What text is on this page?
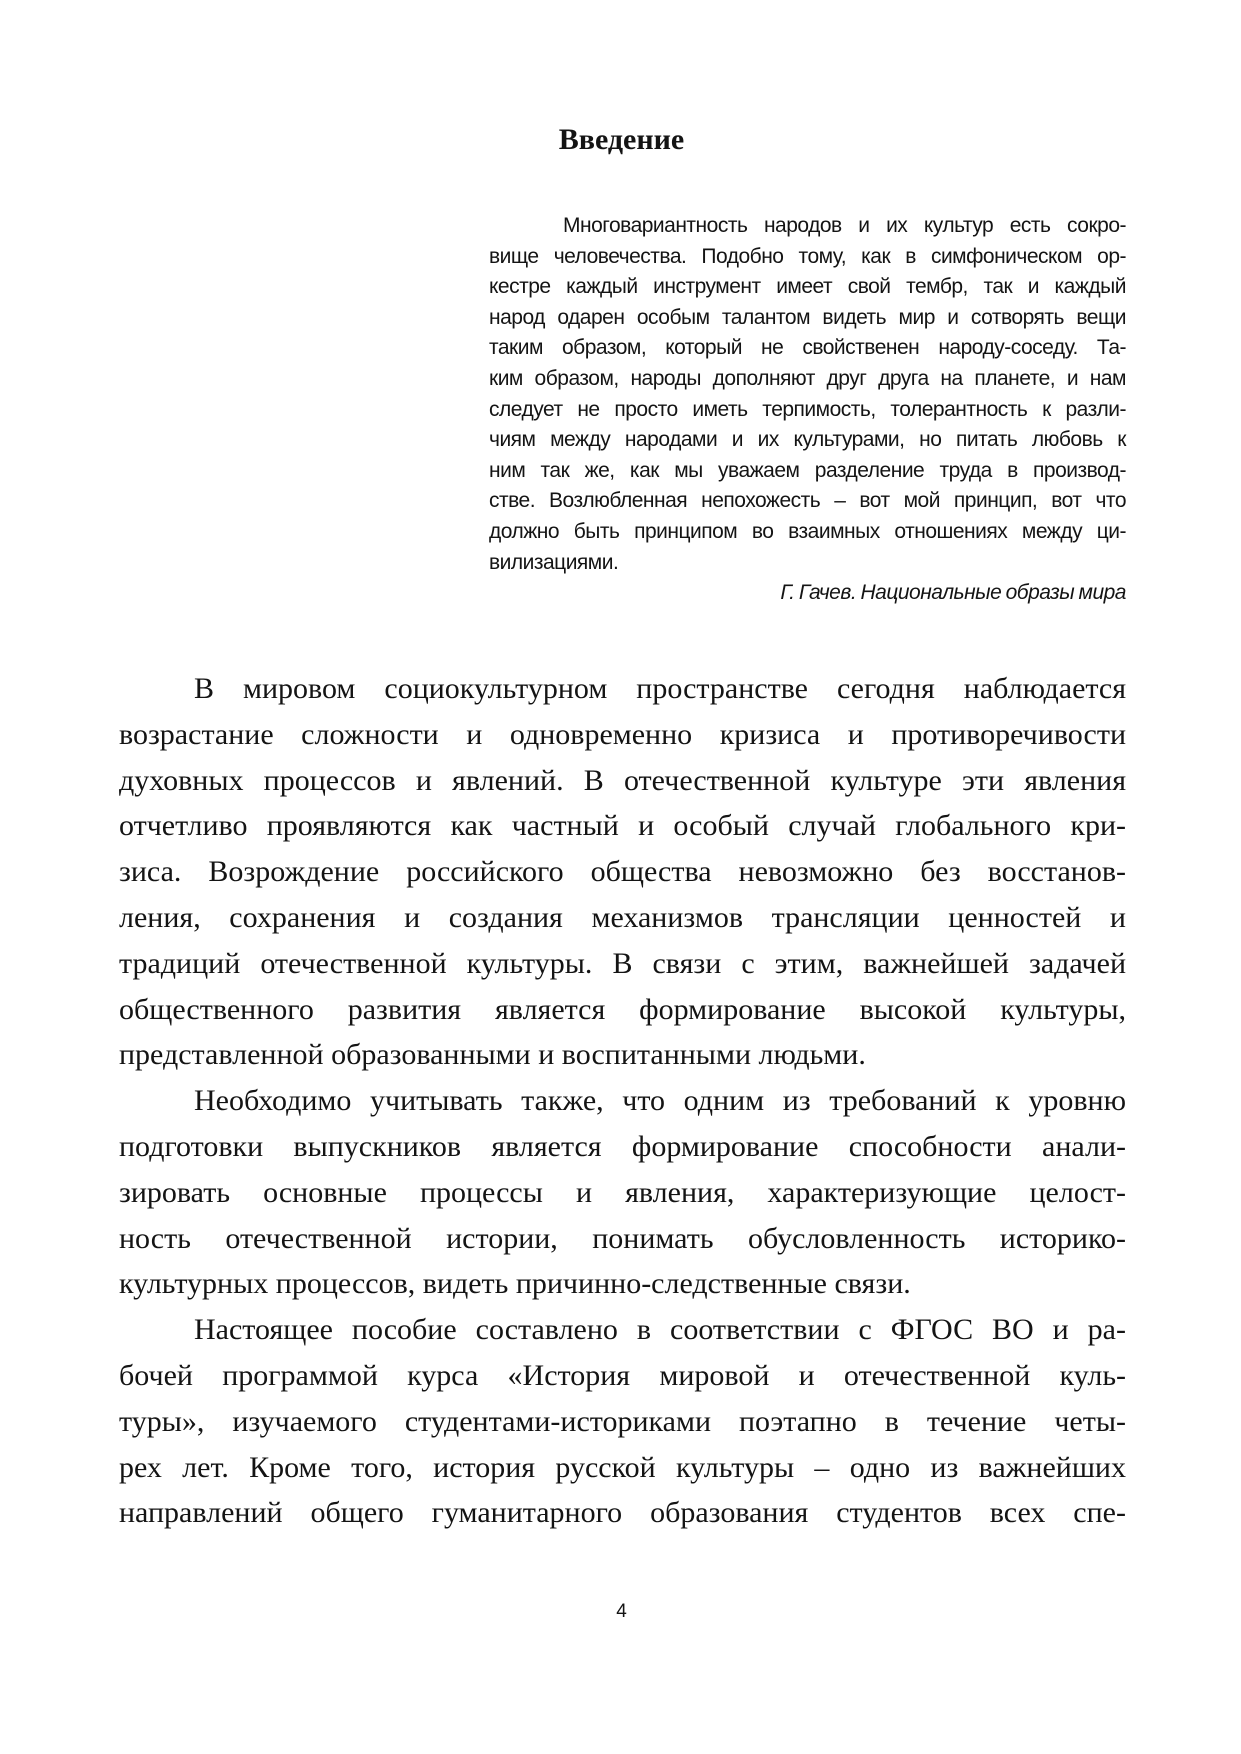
Введение
Многовариантность народов и их культур есть сокро-
вище человечества. Подобно тому, как в симфоническом ор-
кестре каждый инструмент имеет свой тембр, так и каждый
народ одарен особым талантом видеть мир и сотворять вещи
таким образом, который не свойственен народу-соседу. Та-
ким образом, народы дополняют друг друга на планете, и нам
следует не просто иметь терпимость, толерантность к разли-
чиям между народами и их культурами, но питать любовь к
ним так же, как мы уважаем разделение труда в производ-
стве. Возлюбленная непохожесть – вот мой принцип, вот что
должно быть принципом во взаимных отношениях между ци-
вилизациями.
Г. Гачев. Национальные образы мира
В мировом социокультурном пространстве сегодня наблюдается
возрастание сложности и одновременно кризиса и противоречивости
духовных процессов и явлений. В отечественной культуре эти явления
отчетливо проявляются как частный и особый случай глобального кри-
зиса. Возрождение российского общества невозможно без восстанов-
ления, сохранения и создания механизмов трансляции ценностей и
традиций отечественной культуры. В связи с этим, важнейшей задачей
общественного развития является формирование высокой культуры,
представленной образованными и воспитанными людьми.
Необходимо учитывать также, что одним из требований к уровню
подготовки выпускников является формирование способности анали-
зировать основные процессы и явления, характеризующие целост-
ность отечественной истории, понимать обусловленность историко-
культурных процессов, видеть причинно-следственные связи.
Настоящее пособие составлено в соответствии с ФГОС ВО и ра-
бочей программой курса «История мировой и отечественной куль-
туры», изучаемого студентами-историками поэтапно в течение четы-
рех лет. Кроме того, история русской культуры – одно из важнейших
направлений общего гуманитарного образования студентов всех спе-
4
